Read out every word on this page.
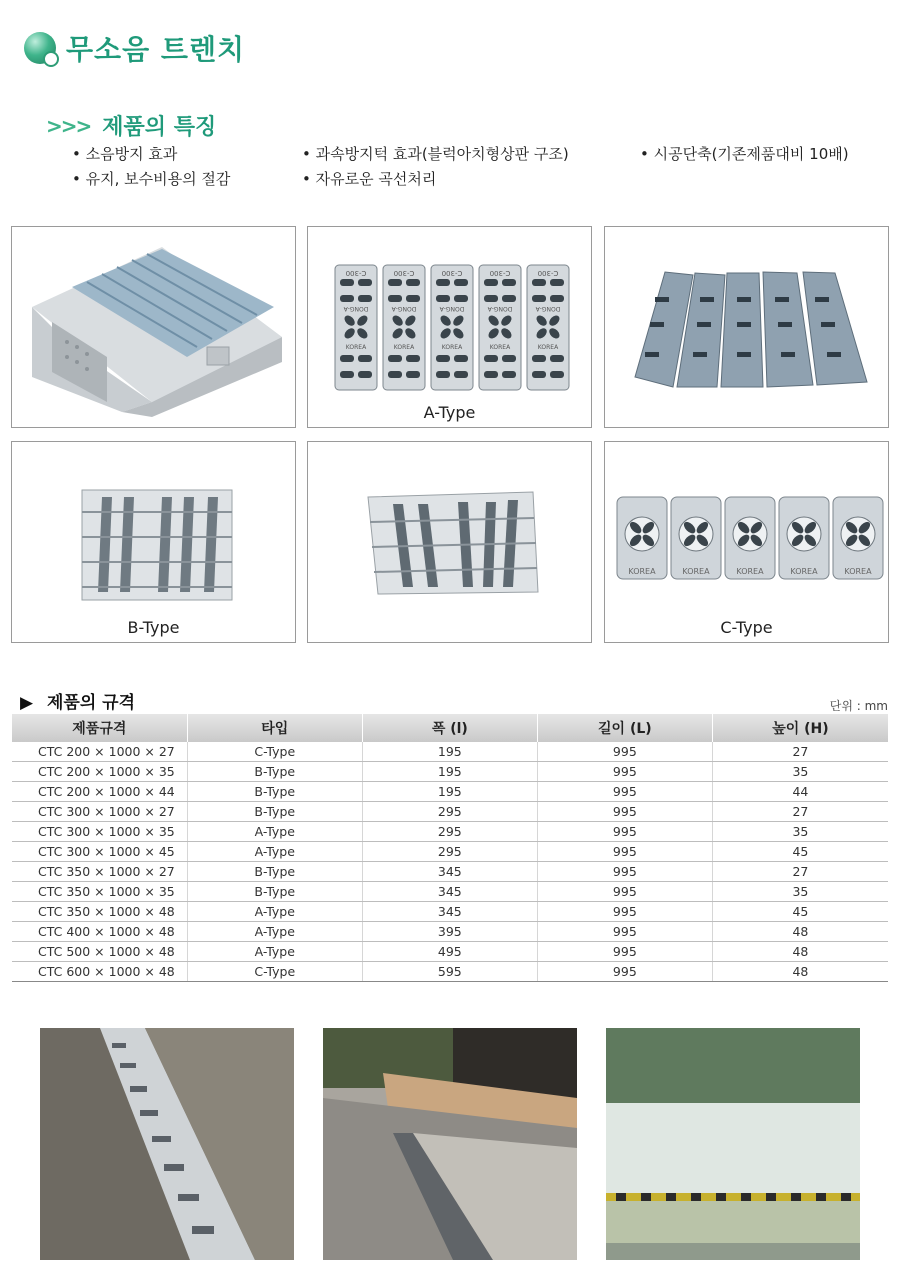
무소음 트렌치
>>> 제품의 특징
• 소음방지 효과
• 유지, 보수비용의 절감
• 과속방지턱 효과(블럭아치형상판 구조)
• 자유로운 곡선처리
• 시공단축(기존제품대비 10배)
C-300
DONG-A
KOREA
C-300
DONG-A
KOREA
C-300
DONG-A
KOREA
C-300
DONG-A
KOREA
C-300
DONG-A
KOREA
A-Type
B-Type
KOREA	KOREA	KOREA	KOREA	KOREA
C-Type
▶ 제품의 규격	단위 : mm
제품규격	타입	폭 (l)	길이 (L)	높이 (H)
CTC 200 × 1000 × 27	C-Type	195	995	27
CTC 200 × 1000 × 35	B-Type	195	995	35
CTC 200 × 1000 × 44	B-Type	195	995	44
CTC 300 × 1000 × 27	B-Type	295	995	27
CTC 300 × 1000 × 35	A-Type	295	995	35
CTC 300 × 1000 × 45	A-Type	295	995	45
CTC 350 × 1000 × 27	B-Type	345	995	27
CTC 350 × 1000 × 35	B-Type	345	995	35
CTC 350 × 1000 × 48	A-Type	345	995	45
CTC 400 × 1000 × 48	A-Type	395	995	48
CTC 500 × 1000 × 48	A-Type	495	995	48
CTC 600 × 1000 × 48	C-Type	595	995	48
